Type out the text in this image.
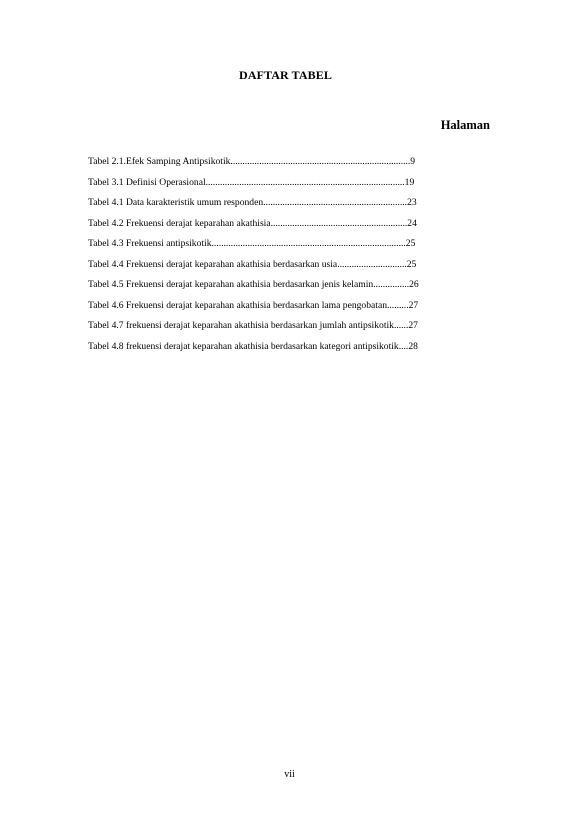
DAFTAR TABEL
Halaman
Tabel 2.1.Efek Samping Antipsikotik...........................................................................9
Tabel 3.1 Definisi Operasional...................................................................................19
Tabel 4.1 Data karakteristik umum responden............................................................23
Tabel 4.2 Frekuensi derajat keparahan akathisia.........................................................24
Tabel 4.3 Frekuensi antipsikotik.................................................................................25
Tabel 4.4 Frekuensi derajat keparahan akathisia berdasarkan usia.............................25
Tabel 4.5 Frekuensi derajat keparahan akathisia berdasarkan jenis kelamin...............26
Tabel 4.6 Frekuensi derajat keparahan akathisia berdasarkan lama pengobatan.........27
Tabel 4.7 frekuensi derajat keparahan akathisia berdasarkan jumlah antipsikotik......27
Tabel 4.8 frekuensi derajat keparahan akathisia berdasarkan kategori antipsikotik....28
vii
